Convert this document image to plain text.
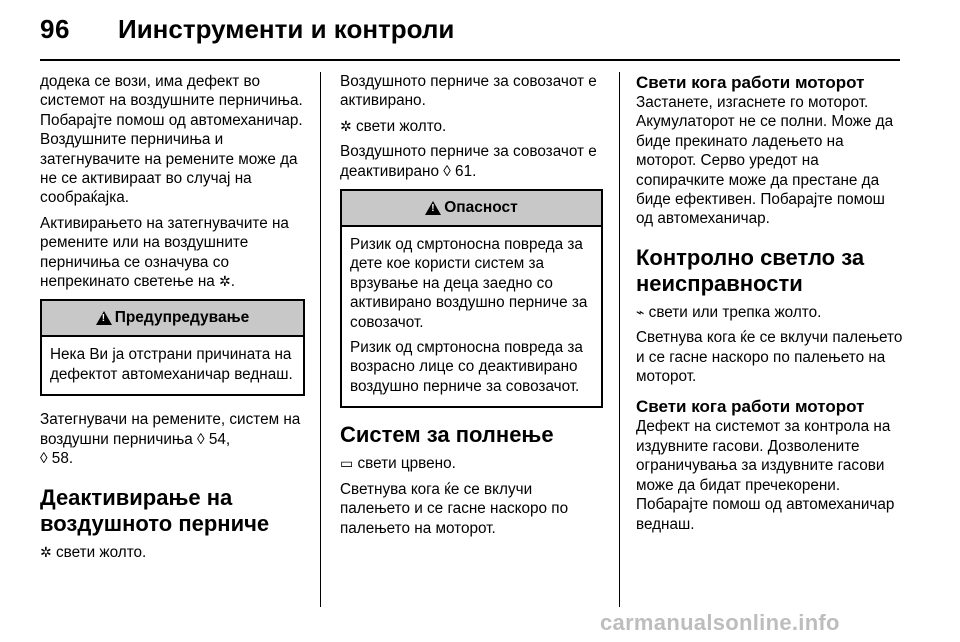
96 Иинструменти и контроли

додека се вози, има дефект во системот на воздушните перничиња. Побарајте помош од автомеханичар. Воздушните перничиња и затегнувачите на ремените може да не се активираат во случај на сообраќајка.

Активирањето на затегнувачите на ремените или на воздушните перничиња се означува со непрекинато светење на ✲.

!
Предупредување

Нека Ви ја отстрани причината на дефектот автомеханичар веднаш.

Затегнувачи на ремените, систем на воздушни перничиња ◊ 54,
◊ 58.

Деактивирање на воздушното перниче

✲ свети жолто.

Воздушното перниче за совозачот е активирано.

✲ свети жолто.

Воздушното перниче за совозачот е деактивирано ◊ 61.

!
Опасност

Ризик од смртоносна повреда за дете кое користи систем за врзување на деца заедно со активирано воздушно перниче за совозачот.

Ризик од смртоносна повреда за возрасно лице со деактивирано воздушно перниче за совозачот.

Систем за полнење

▭ свети црвено.

Светнува кога ќе се вклучи палењето и се гасне наскоро по палењето на моторот.

Свети кога работи моторот

Застанете, изгаснете го моторот. Акумулаторот не се полни. Може да биде прекинато ладењето на моторот. Серво уредот на сопирачките може да престане да биде ефективен. Побарајте помош од автомеханичар.

Контролно светло за неисправности

⌁ свети или трепка жолто.

Светнува кога ќе се вклучи палењето и се гасне наскоро по палењето на моторот.

Свети кога работи моторот

Дефект на системот за контрола на издувните гасови. Дозволените ограничувања за издувните гасови може да бидат пречекорени. Побарајте помош од автомеханичар веднаш.

carmanualsonline.info
